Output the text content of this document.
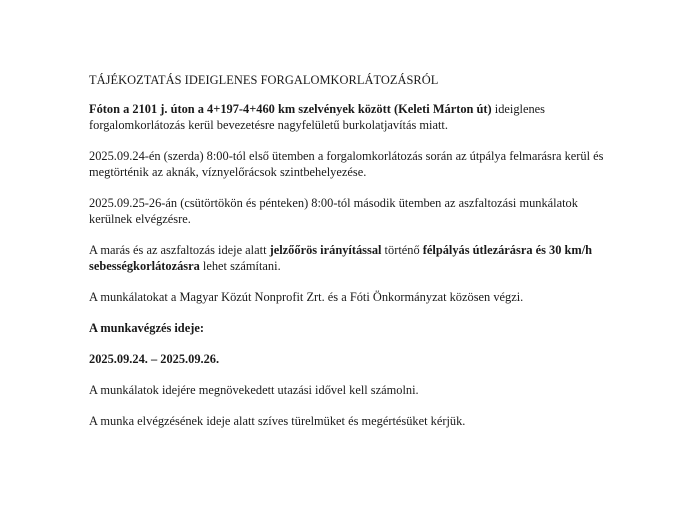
TÁJÉKOZTATÁS IDEIGLENES FORGALOMKORLÁTOZÁSRÓL

Fóton a 2101 j. úton a 4+197-4+460 km szelvények között (Keleti Márton út) ideiglenes forgalomkorlátozás kerül bevezetésre nagyfelületű burkolatjavítás miatt.

2025.09.24-én (szerda) 8:00-tól első ütemben a forgalomkorlátozás során az útpálya felmarásra kerül és megtörténik az aknák, víznyelőrácsok szintbehelyezése.

2025.09.25-26-án (csütörtökön és pénteken) 8:00-tól második ütemben az aszfaltozási munkálatok kerülnek elvégzésre.

A marás és az aszfaltozás ideje alatt jelzőőrös irányítással történő félpályás útlezárásra és 30 km/h sebességkorlátozásra lehet számítani.

A munkálatokat a Magyar Közút Nonprofit Zrt. és a Fóti Önkormányzat közösen végzi.

A munkavégzés ideje:

2025.09.24. – 2025.09.26.

A munkálatok idejére megnövekedett utazási idővel kell számolni.

A munka elvégzésének ideje alatt szíves türelmüket és megértésüket kérjük.
